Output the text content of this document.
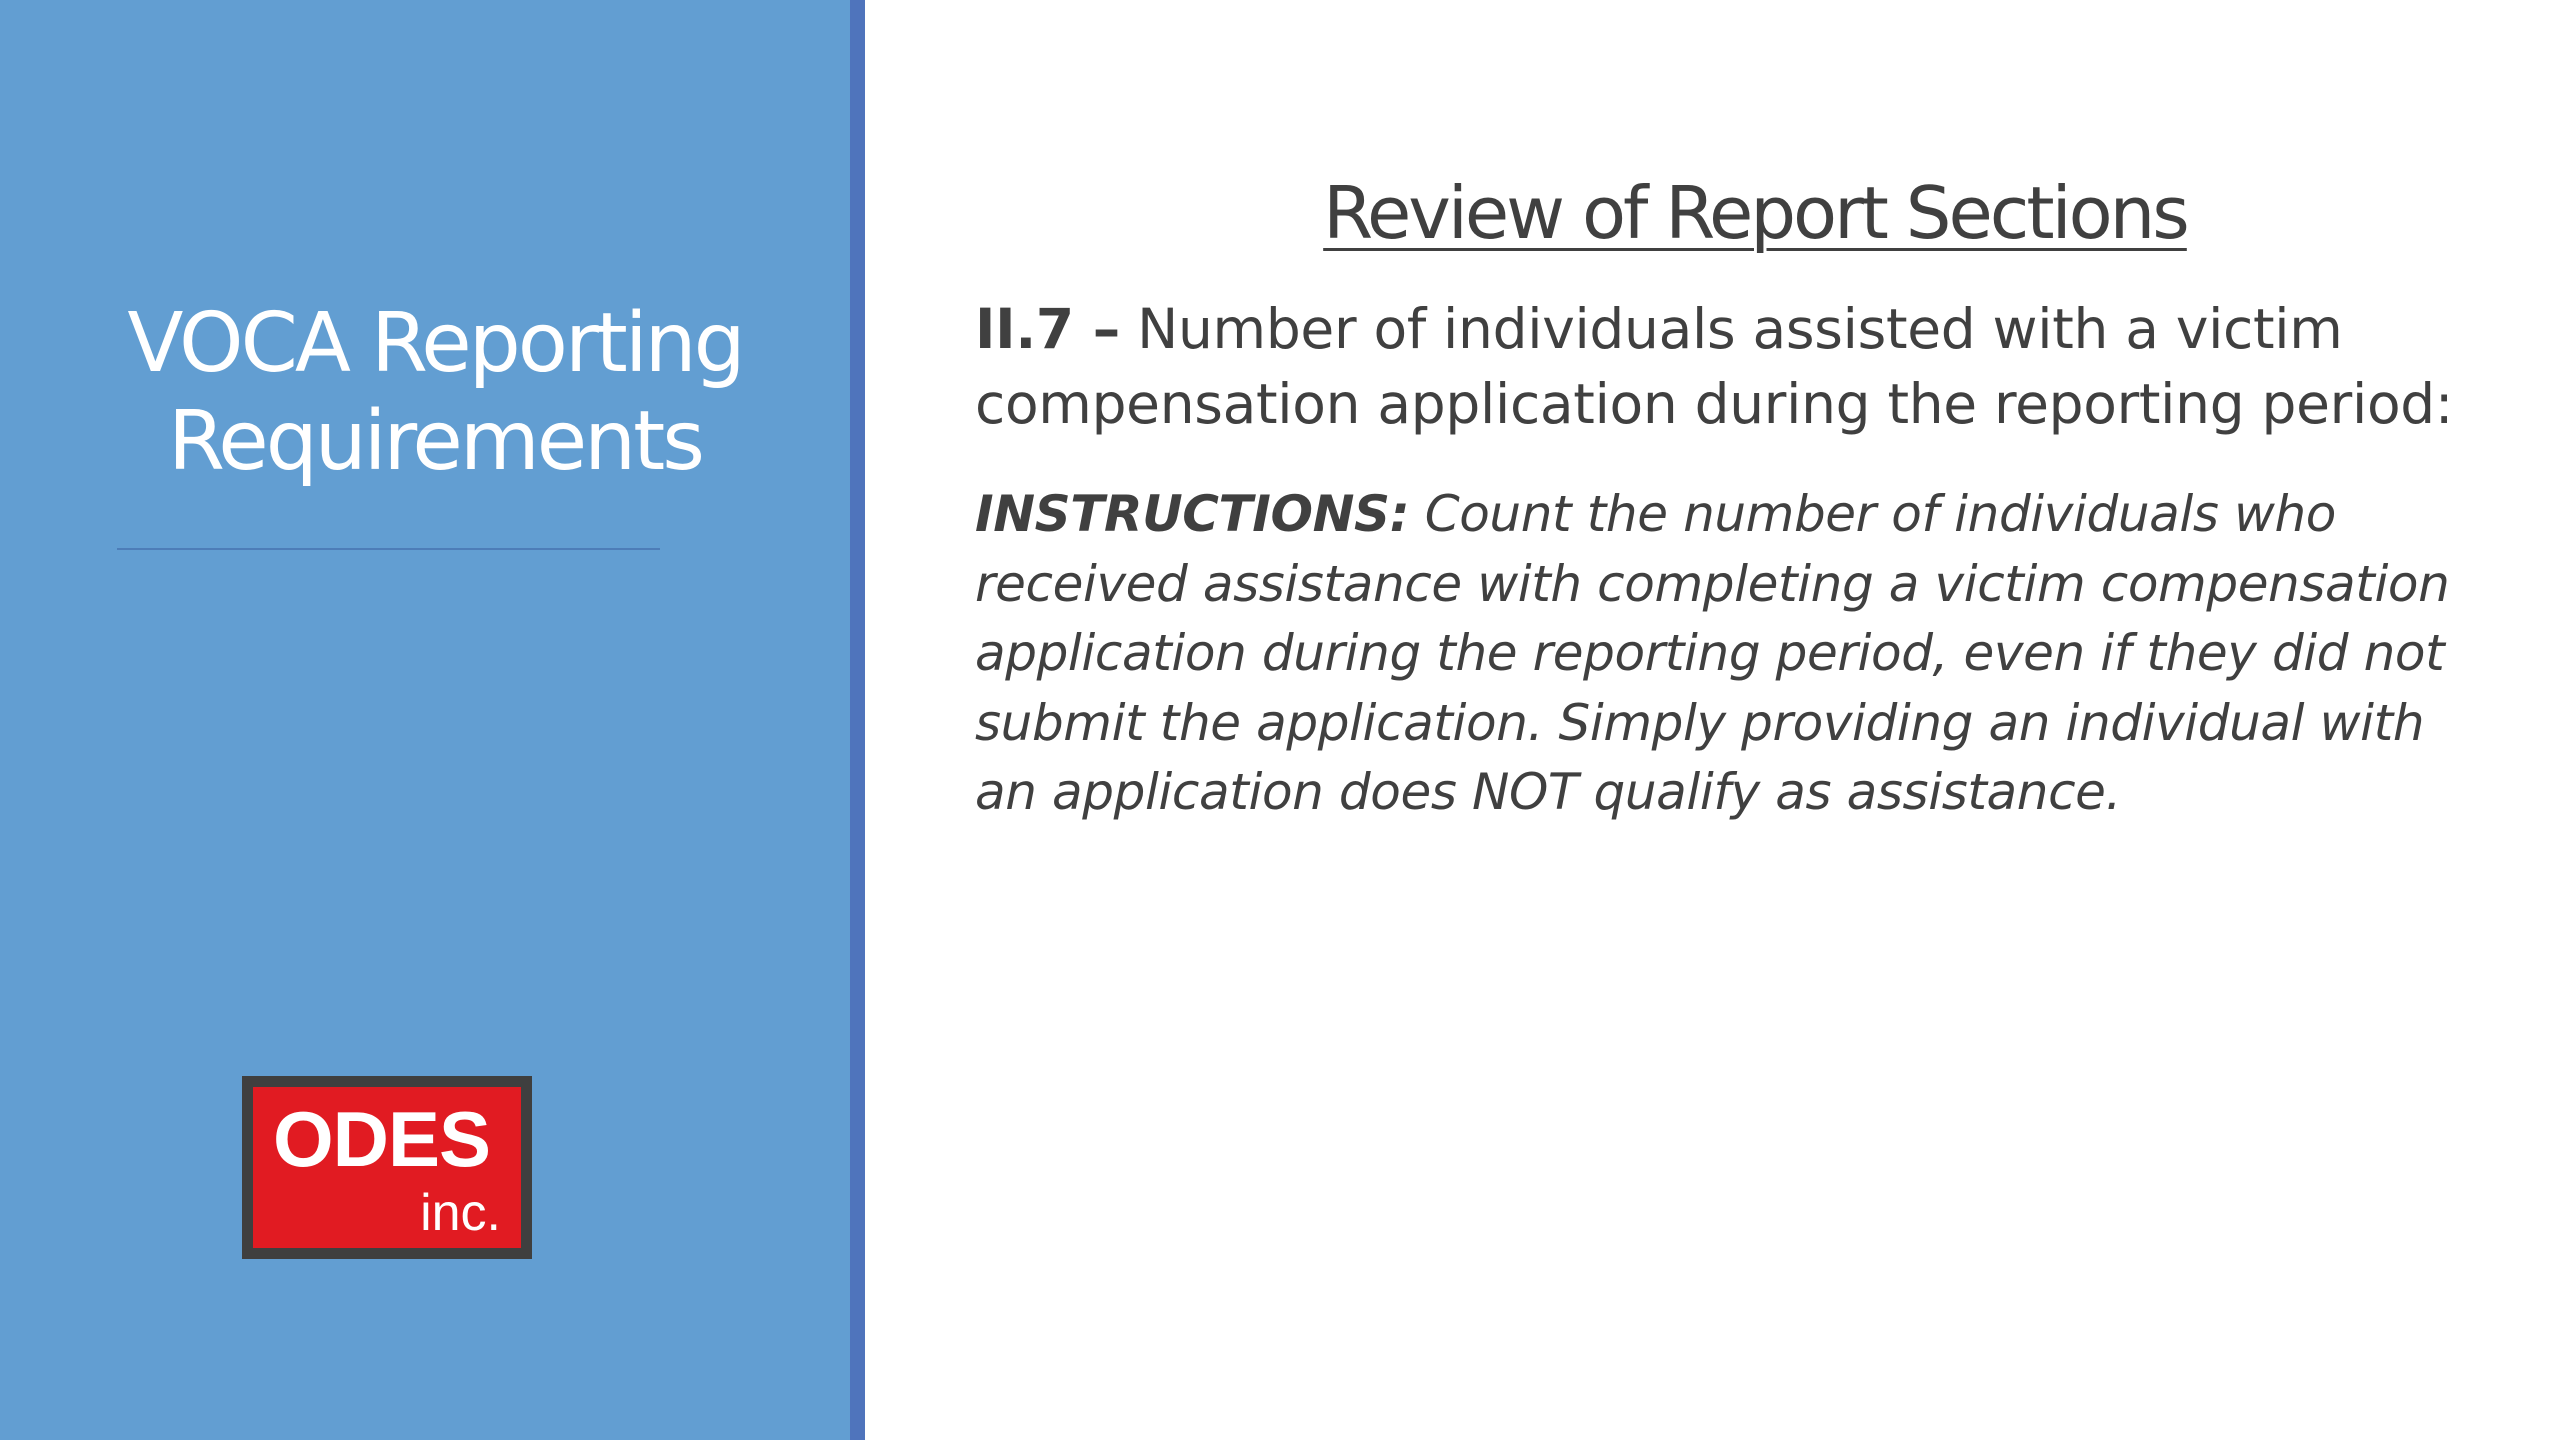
VOCA Reporting
Requirements
ODES
inc.
Review of Report Sections
II.7 – Number of individuals assisted with a victim
compensation application during the reporting period:
INSTRUCTIONS: Count the number of individuals who
received assistance with completing a victim compensation
application during the reporting period, even if they did not
submit the application. Simply providing an individual with
an application does NOT qualify as assistance.
